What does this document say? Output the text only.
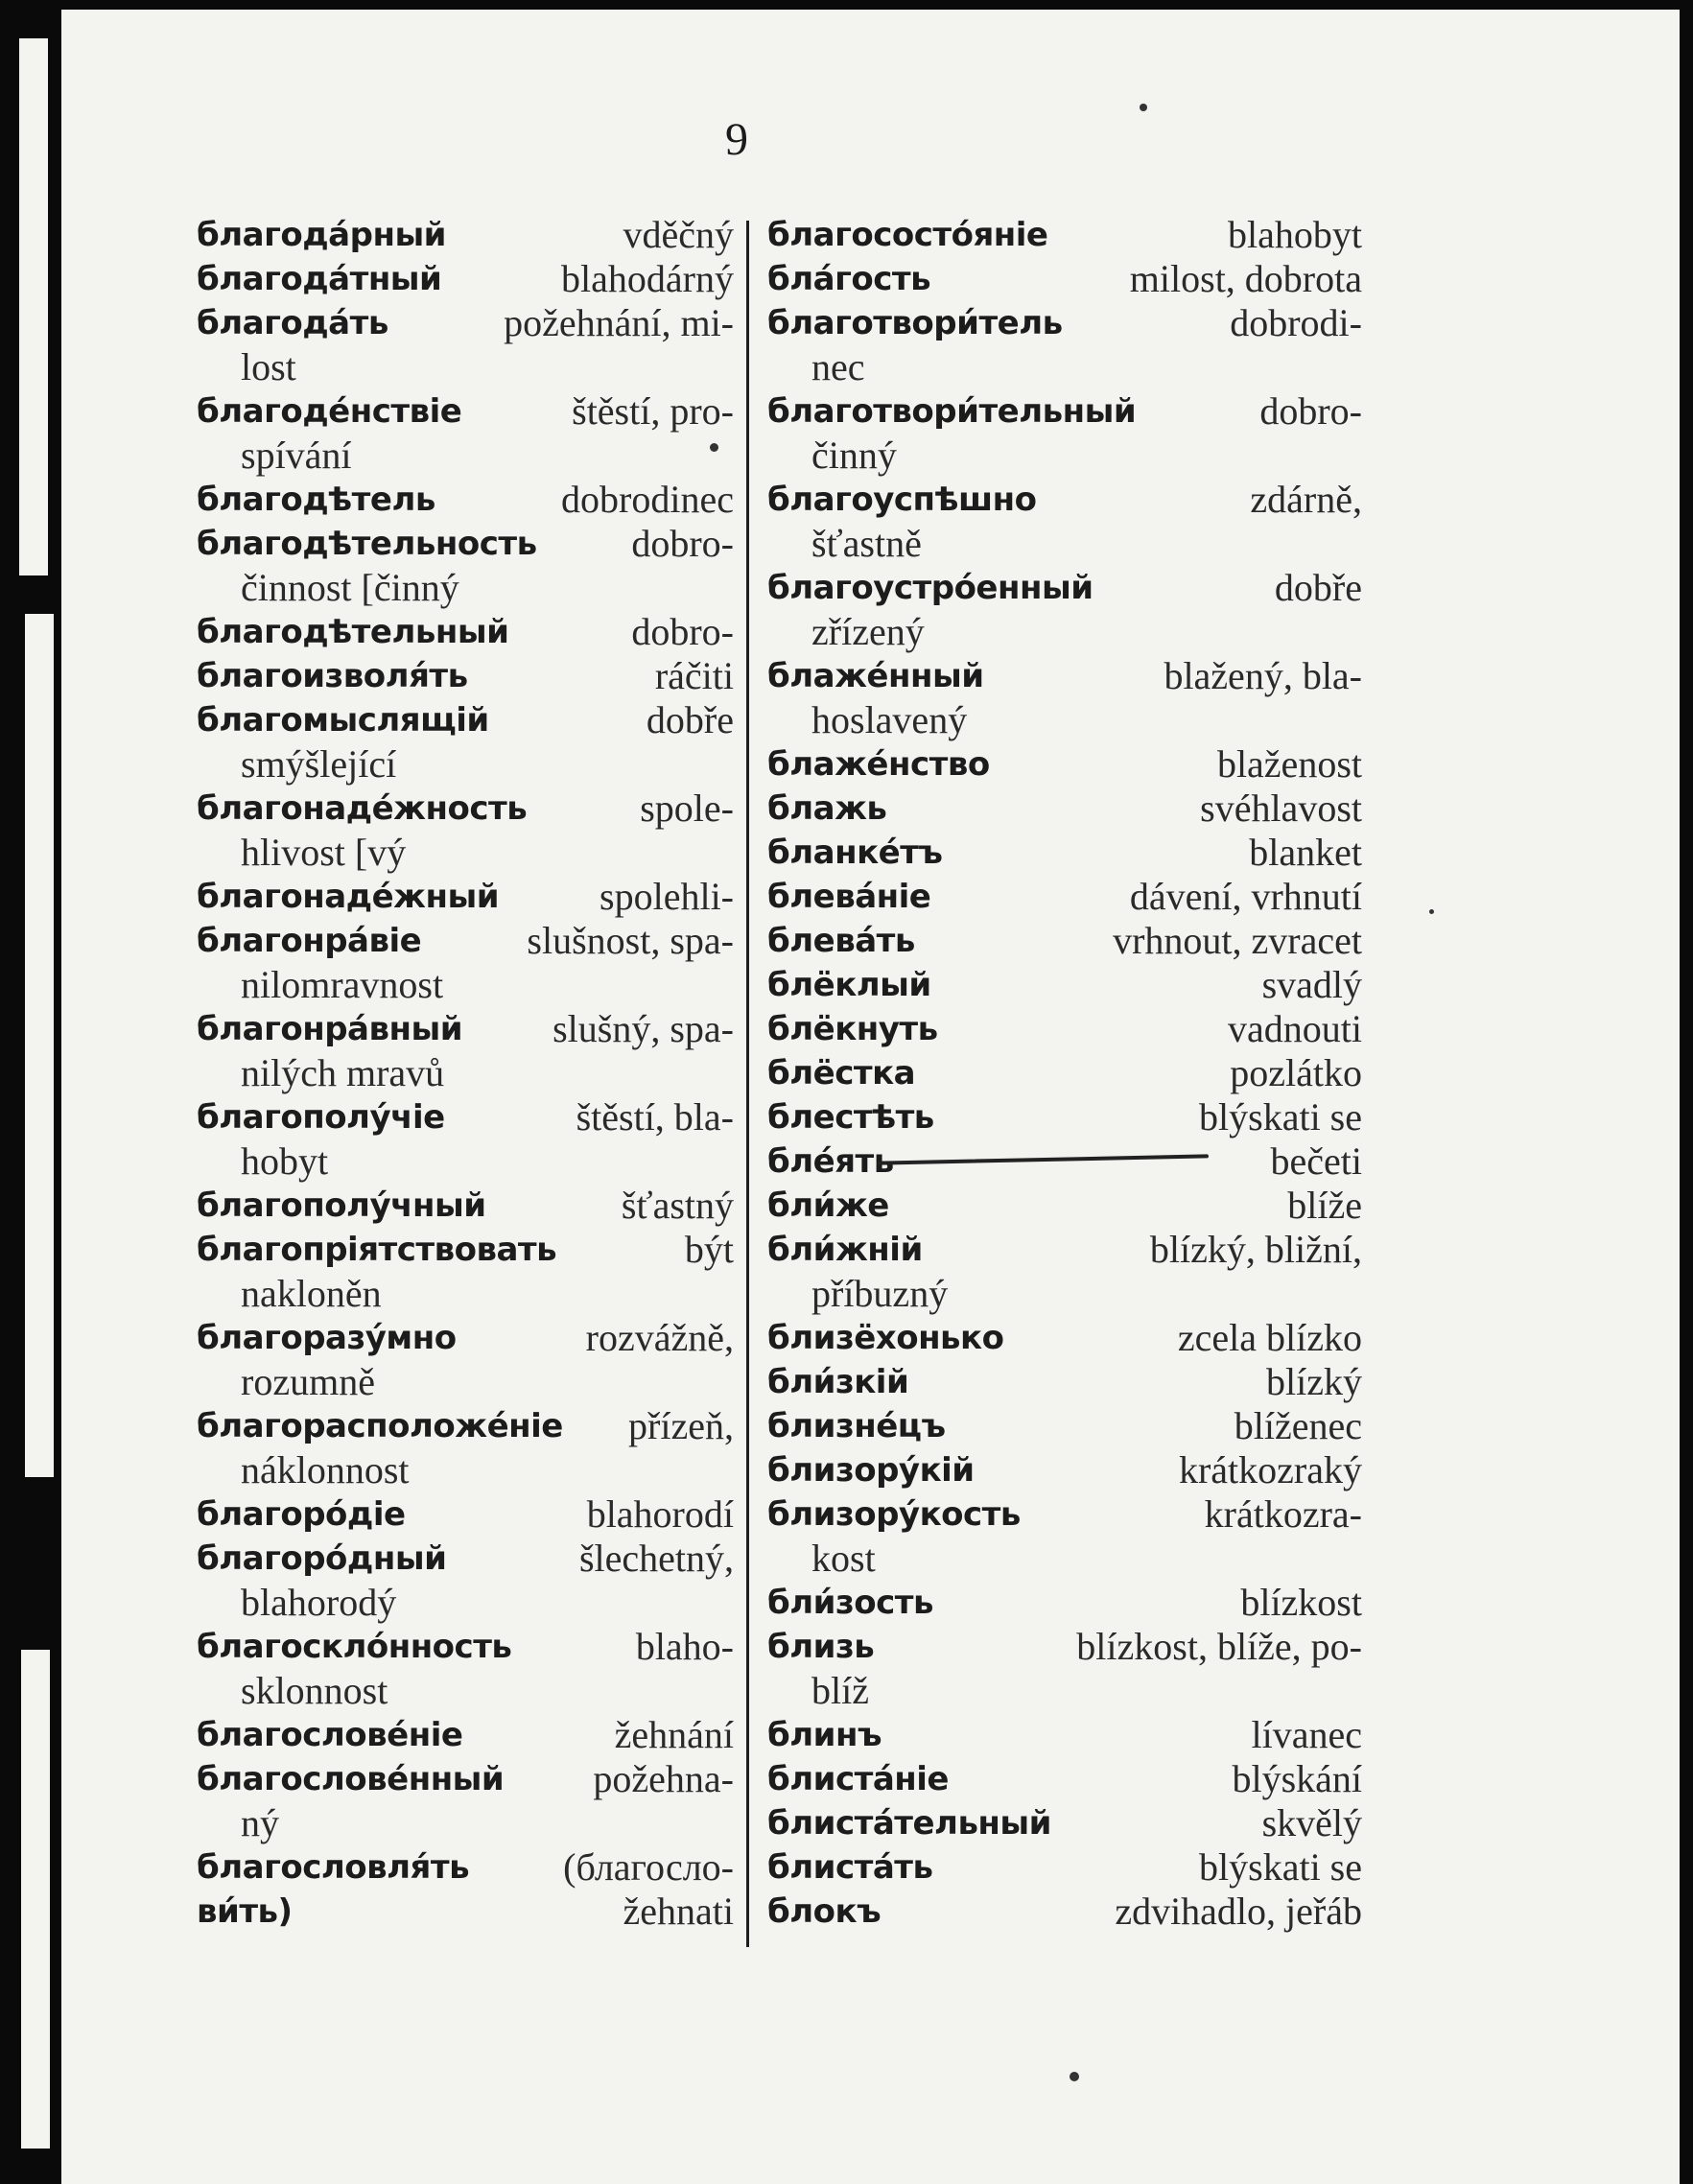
9
благода́рный	vděčný
благода́тный	blahodárný
благода́ть	požehnání, mi-
lost
благоде́нствіе	štěstí, pro-
spívání
благодѣтель	dobrodinec
благодѣтельность dobro-
činnost [činný
благодѣтельный	dobro-
благоизволя́ть	ráčiti
благомыслящій	dobře
smýšlející
благонаде́жность	spole-
hlivost [vý
благонаде́жный	spolehli-
благонра́віе	slušnost, spa-
nilomravnost
благонра́вный slušný, spa-
nilých mravů
благополу́чіе	štěstí, bla-
hobyt
благополу́чный	šťastný
благопріятствовать	být
nakloněn
благоразу́мно	rozvážně,
rozumně
благорасположе́ніе přízeň,
náklonnost
благоро́діе	blahorodí
благоро́дный	šlechetný,
blahorodý
благоскло́нность	blaho-
sklonnost
благослове́ніе	žehnání
благослове́нный požehna-
ný
благословля́ть (благосло-
ви́ть)	žehnati
благососто́яніе	blahobyt
бла́гость	milost, dobrota
благотвори́тель	dobrodi-
nec
благотвори́тельный	dobro-
činný
благоуспѣшно	zdárně,
šťastně
благоустро́енный	dobře
zřízený
блаже́нный	blažený, bla-
hoslavený
блаже́нство	blaženost
блажь	svéhlavost
бланке́тъ	blanket
блева́ніе	dávení, vrhnutí
блева́ть	vrhnout, zvracet
блёклый	svadlý
блёкнуть	vadnouti
блёстка	pozlátko
блестѣть	blýskati se
бле́ять	bečeti
бли́же	blíže
бли́жній	blízký, bližní,
příbuzný
близёхонько	zcela blízko
бли́зкій	blízký
близне́цъ	blíženec
близору́кій	krátkozraký
близору́кость	krátkozra-
kost
бли́зость	blízkost
близь	blízkost, blíže, po-
blíž
блинъ	lívanec
блиста́ніе	blýskání
блиста́тельный	skvělý
блиста́ть	blýskati se
блокъ	zdvihadlo, jeřáb
